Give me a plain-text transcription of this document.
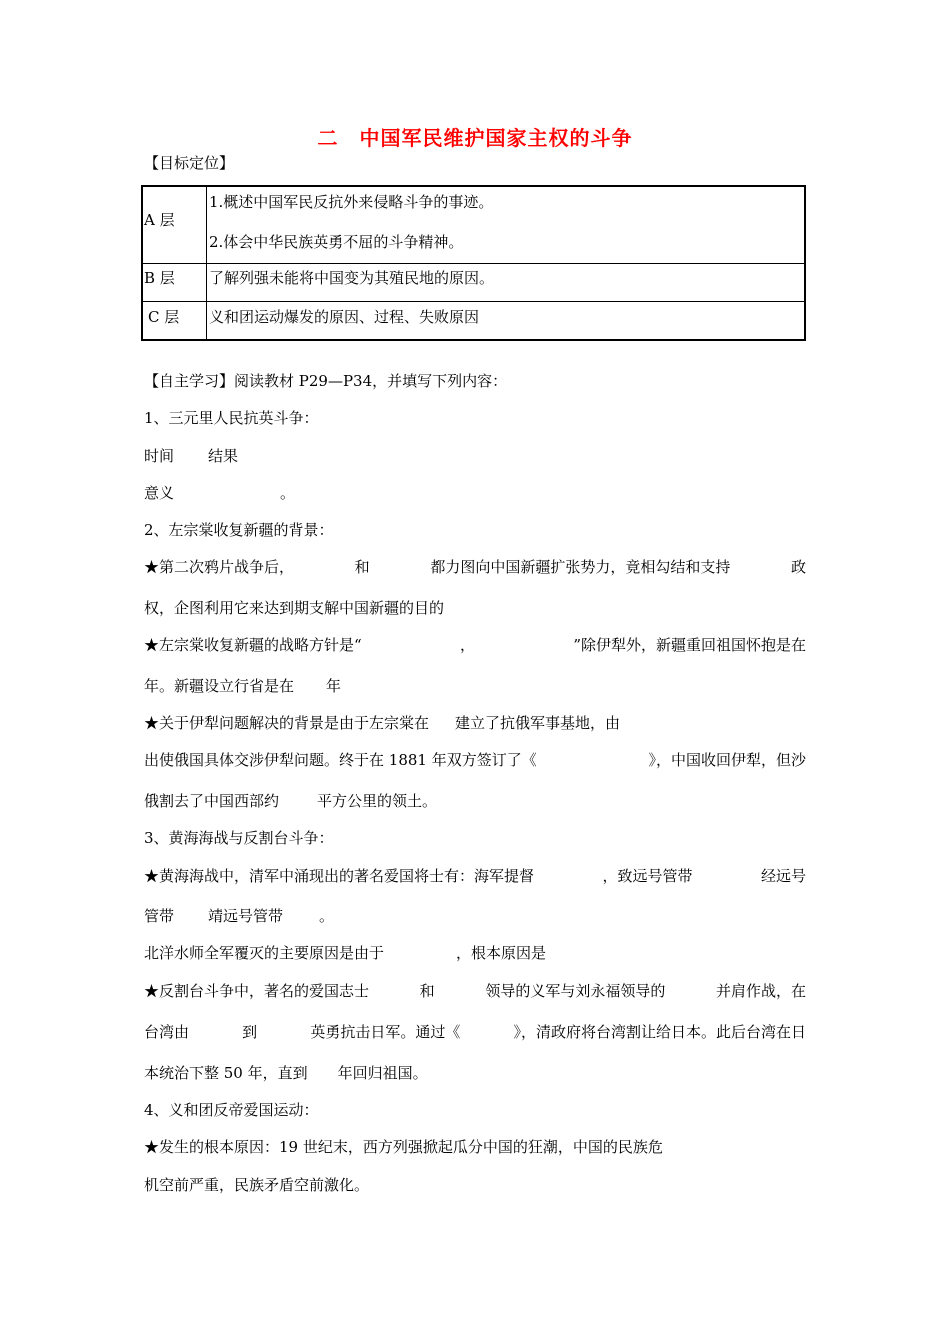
二　中国军民维护国家主权的斗争
【目标定位】
A 层	1.概述中国军民反抗外来侵略斗争的事迹。
2.体会中华民族英勇不屈的斗争精神。

B 层	了解列强未能将中国变为其殖民地的原因。
C 层	义和团运动爆发的原因、过程、失败原因
【自主学习】阅读教材 P29—P34，并填写下列内容：
1、三元里人民抗英斗争：
时间 结果
意义	。
2、左宗棠收复新疆的背景：
★第二次鸦片战争后，	和	都力图向中国新疆扩张势力，竟相勾结和支持	政
权，企图利用它来达到期支解中国新疆的目的
★左宗棠收复新疆的战略方针是“	，	”除伊犁外，新疆重回祖国怀抱是在
年。新疆设立行省是在 年
★关于伊犁问题解决的背景是由于左宗棠在 建立了抗俄军事基地，由
出使俄国具体交涉伊犁问题。终于在 1881 年双方签订了《	》，中国收回伊犁，但沙
俄割去了中国西部约	平方公里的领土。
3、黄海海战与反割台斗争：
★黄海海战中，清军中涌现出的著名爱国将士有：海军提督	，致远号管带	经远号
管带 靖远号管带 。
北洋水师全军覆灭的主要原因是由于	，根本原因是
★反割台斗争中，著名的爱国志士	和	领导的义军与刘永福领导的	并肩作战，在
台湾由	到	英勇抗击日军。通过《	》，清政府将台湾割让给日本。此后台湾在日
本统治下整 50 年，直到 年回归祖国。
4、义和团反帝爱国运动：
★发生的根本原因：19 世纪末，西方列强掀起瓜分中国的狂潮，中国的民族危
机空前严重，民族矛盾空前激化。
